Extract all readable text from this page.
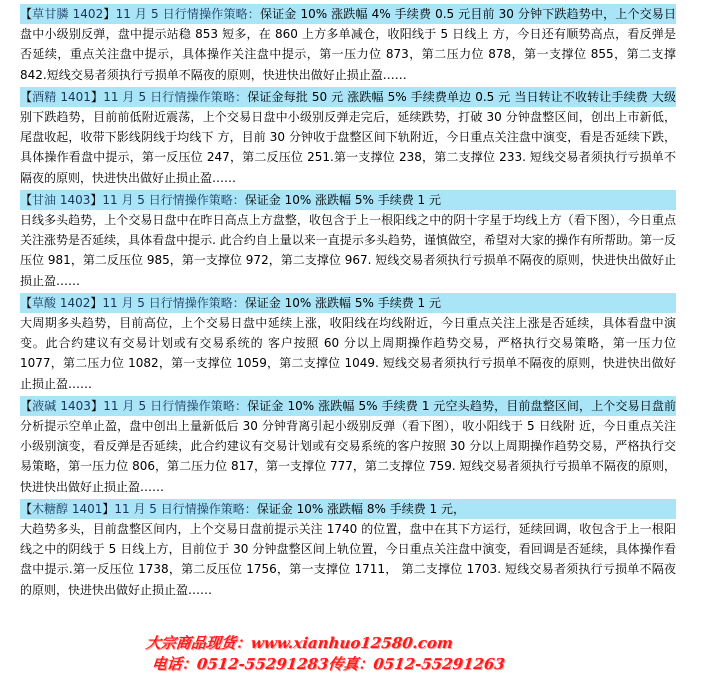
【草甘膦 1402】11 月 5 日行情操作策略：保证金 10% 涨跌幅 4% 手续费 0.5 元目前 30 分钟下跌趋势中，上个交易日盘中小级别反弹，盘中提示站稳 853 短多，在 860 上方多单减仓，收阳线于 5 日线上 方，今日还有顺势高点，看反弹是否延续，重点关注盘中提示，具体操作关注盘中提示，第一压力位 873，第二压力位 878，第一支撑位 855，第二支撑 842.短线交易者须执行亏损单不隔夜的原则，快进快出做好止损止盈……

【酒精 1401】11 月 5 日行情操作策略：保证金每批 50 元 涨跌幅 5% 手续费单边 0.5 元 当日转让不收转让手续费 大级别下跌趋势，目前前低附近震荡，上个交易日盘中小级别反弹走完后，延续跌势，打破 30 分钟盘整区间，创出上市新低，尾盘收起，收带下影线阴线于均线下 方，目前 30 分钟收于盘整区间下轨附近，今日重点关注盘中演变，看是否延续下跌，具体操作看盘中提示，第一反压位 247，第二反压位 251.第一支撑位 238，第二支撑位 233. 短线交易者须执行亏损单不隔夜的原则，快进快出做好止损止盈……

【甘油 1403】11 月 5 日行情操作策略：保证金 10% 涨跌幅 5% 手续费 1 元

日线多头趋势，上个交易日盘中在昨日高点上方盘整，收包含于上一根阳线之中的阴十字星于均线上方（看下图），今日重点关注涨势是否延续，具体看盘中提示. 此合约自上量以来一直提示多头趋势，谨慎做空，希望对大家的操作有所帮助。第一反压位 981，第二反压位 985，第一支撑位 972，第二支撑位 967. 短线交易者须执行亏损单不隔夜的原则，快进快出做好止损止盈……

【草酸 1402】11 月 5 日行情操作策略：保证金 10% 涨跌幅 5% 手续费 1 元

大周期多头趋势，目前高位，上个交易日盘中延续上涨，收阳线在均线附近，今日重点关注上涨是否延续，具体看盘中演变。此合约建议有交易计划或有交易系统的 客户按照 60 分以上周期操作趋势交易，严格执行交易策略，第一压力位 1077，第二压力位 1082，第一支撑位 1059，第二支撑位 1049. 短线交易者须执行亏损单不隔夜的原则，快进快出做好止损止盈……

【液碱 1403】11 月 5 日行情操作策略：保证金 10% 涨跌幅 5% 手续费 1 元空头趋势，目前盘整区间，上个交易日盘前分析提示空单止盈，盘中创出上量新低后 30 分钟背离引起小级别反弹（看下图），收小阳线于 5 日线附 近，今日重点关注小级别演变，看反弹是否延续，此合约建议有交易计划或有交易系统的客户按照 30 分以上周期操作趋势交易，严格执行交易策略，第一压力位 806，第二压力位 817，第一支撑位 777，第二支撑位 759. 短线交易者须执行亏损单不隔夜的原则，快进快出做好止损止盈……

【木糖醇 1401】11 月 5 日行情操作策略：保证金 10% 涨跌幅 8% 手续费 1 元，

大趋势多头，目前盘整区间内，上个交易日盘前提示关注 1740 的位置，盘中在其下方运行，延续回调，收包含于上一根阳线之中的阴线于 5 日线上方，目前位于 30 分钟盘整区间上轨位置，今日重点关注盘中演变，看回调是否延续，具体操作看盘中提示.第一反压位 1738，第二反压位 1756，第一支撑位 1711， 第二支撑位 1703. 短线交易者须执行亏损单不隔夜的原则，快进快出做好止损止盈……

大宗商品现货：www.xianhuo12580.com
电话：0512-55291283传真：0512-55291263
